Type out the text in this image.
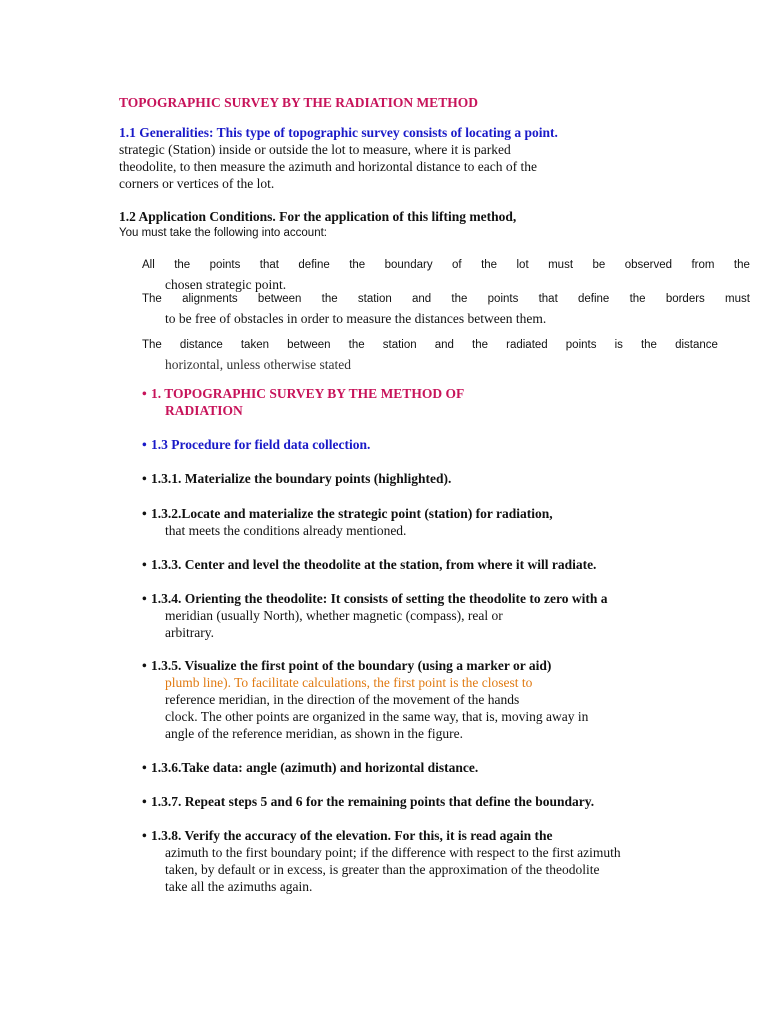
TOPOGRAPHIC SURVEY BY THE RADIATION METHOD
1.1 Generalities: This type of topographic survey consists of locating a point.
strategic (Station) inside or outside the lot to measure, where it is parked
theodolite, to then measure the azimuth and horizontal distance to each of the
corners or vertices of the lot.
1.2 Application Conditions. For the application of this lifting method,
You must take the following into account:
All the points that define the boundary of the lot must be observed from the
chosen strategic point.
The alignments between the station and the points that define the borders must
to be free of obstacles in order to measure the distances between them.
The distance taken between the station and the radiated points is the distance
horizontal, unless otherwise stated
• 1. TOPOGRAPHIC SURVEY BY THE METHOD OF
RADIATION
• 1.3 Procedure for field data collection.
• 1.3.1. Materialize the boundary points (highlighted).
• 1.3.2.Locate and materialize the strategic point (station) for radiation,
that meets the conditions already mentioned.
• 1.3.3. Center and level the theodolite at the station, from where it will radiate.
• 1.3.4. Orienting the theodolite: It consists of setting the theodolite to zero with a
meridian (usually North), whether magnetic (compass), real or
arbitrary.
• 1.3.5. Visualize the first point of the boundary (using a marker or aid)
plumb line). To facilitate calculations, the first point is the closest to
reference meridian, in the direction of the movement of the hands
clock. The other points are organized in the same way, that is, moving away in
angle of the reference meridian, as shown in the figure.
• 1.3.6.Take data: angle (azimuth) and horizontal distance.
• 1.3.7. Repeat steps 5 and 6 for the remaining points that define the boundary.
• 1.3.8. Verify the accuracy of the elevation. For this, it is read again the
azimuth to the first boundary point; if the difference with respect to the first azimuth
taken, by default or in excess, is greater than the approximation of the theodolite
take all the azimuths again.
